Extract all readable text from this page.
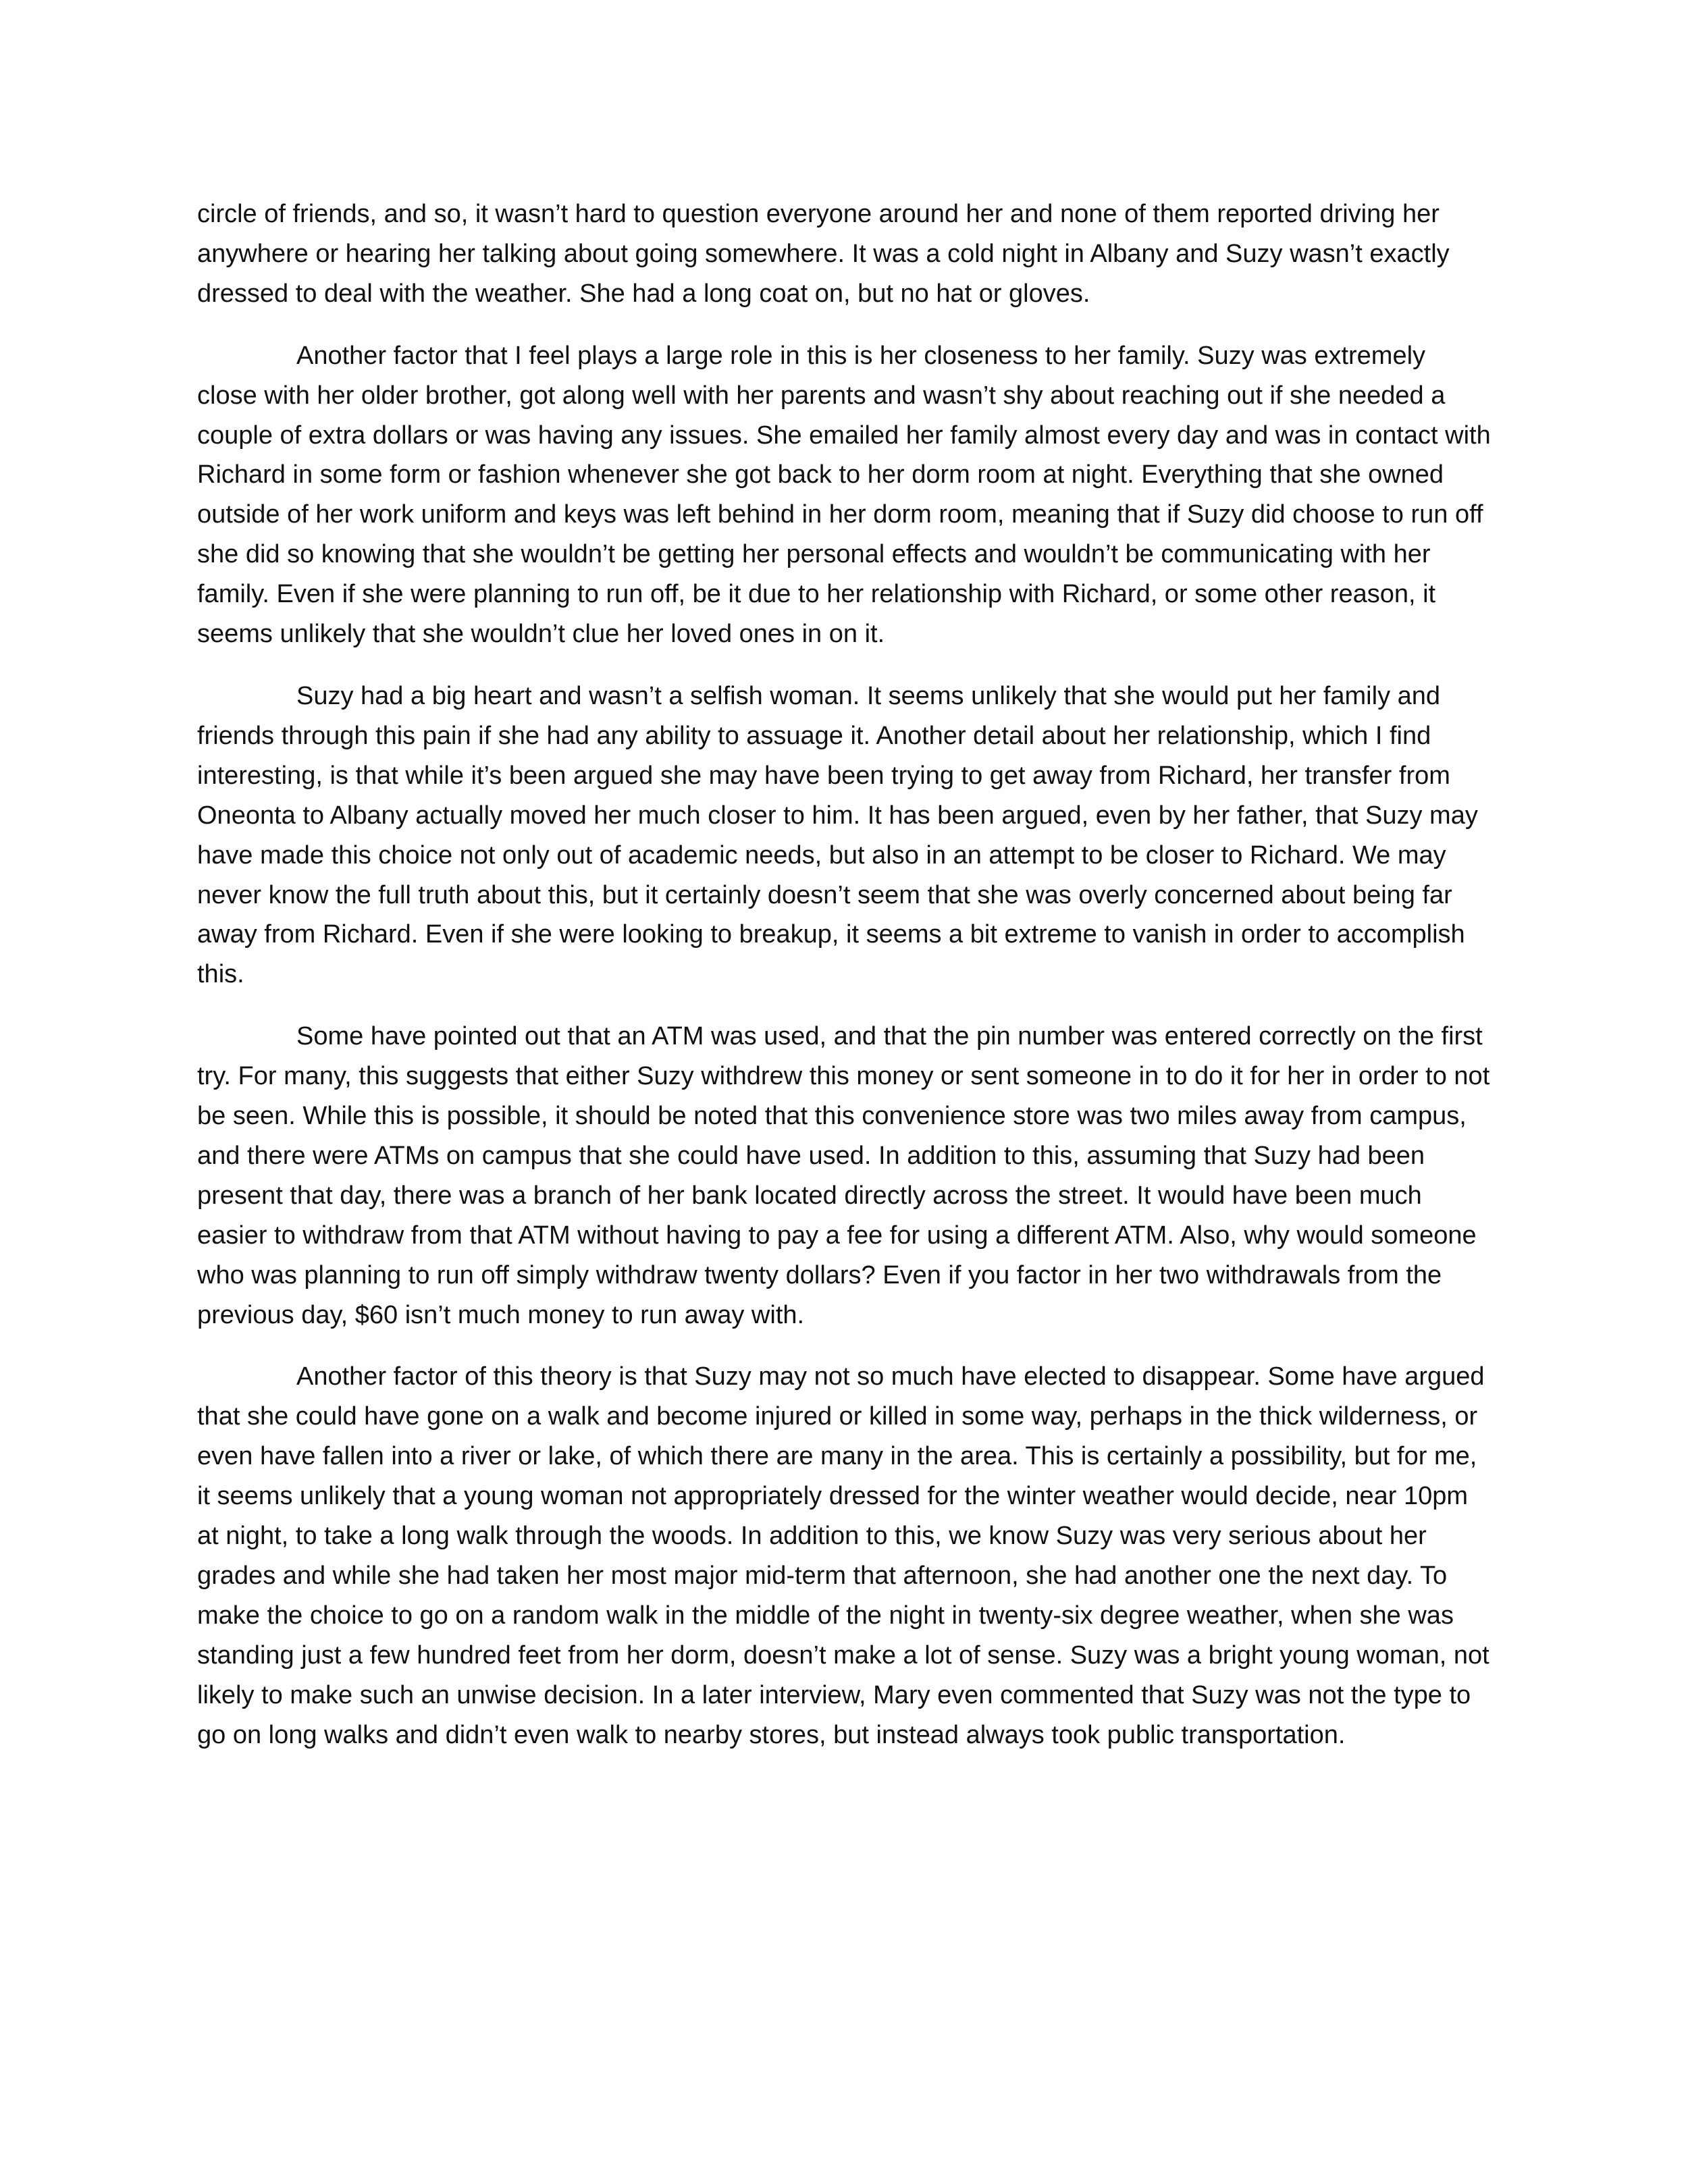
circle of friends, and so, it wasn’t hard to question everyone around her and none of them reported driving her anywhere or hearing her talking about going somewhere. It was a cold night in Albany and Suzy wasn’t exactly dressed to deal with the weather. She had a long coat on, but no hat or gloves.

Another factor that I feel plays a large role in this is her closeness to her family. Suzy was extremely close with her older brother, got along well with her parents and wasn’t shy about reaching out if she needed a couple of extra dollars or was having any issues. She emailed her family almost every day and was in contact with Richard in some form or fashion whenever she got back to her dorm room at night. Everything that she owned outside of her work uniform and keys was left behind in her dorm room, meaning that if Suzy did choose to run off she did so knowing that she wouldn’t be getting her personal effects and wouldn’t be communicating with her family. Even if she were planning to run off, be it due to her relationship with Richard, or some other reason, it seems unlikely that she wouldn’t clue her loved ones in on it.

Suzy had a big heart and wasn’t a selfish woman. It seems unlikely that she would put her family and friends through this pain if she had any ability to assuage it. Another detail about her relationship, which I find interesting, is that while it’s been argued she may have been trying to get away from Richard, her transfer from Oneonta to Albany actually moved her much closer to him. It has been argued, even by her father, that Suzy may have made this choice not only out of academic needs, but also in an attempt to be closer to Richard. We may never know the full truth about this, but it certainly doesn’t seem that she was overly concerned about being far away from Richard. Even if she were looking to breakup, it seems a bit extreme to vanish in order to accomplish this.

Some have pointed out that an ATM was used, and that the pin number was entered correctly on the first try. For many, this suggests that either Suzy withdrew this money or sent someone in to do it for her in order to not be seen. While this is possible, it should be noted that this convenience store was two miles away from campus, and there were ATMs on campus that she could have used. In addition to this, assuming that Suzy had been present that day, there was a branch of her bank located directly across the street. It would have been much easier to withdraw from that ATM without having to pay a fee for using a different ATM. Also, why would someone who was planning to run off simply withdraw twenty dollars? Even if you factor in her two withdrawals from the previous day, $60 isn’t much money to run away with.

Another factor of this theory is that Suzy may not so much have elected to disappear. Some have argued that she could have gone on a walk and become injured or killed in some way, perhaps in the thick wilderness, or even have fallen into a river or lake, of which there are many in the area. This is certainly a possibility, but for me, it seems unlikely that a young woman not appropriately dressed for the winter weather would decide, near 10pm at night, to take a long walk through the woods. In addition to this, we know Suzy was very serious about her grades and while she had taken her most major mid-term that afternoon, she had another one the next day. To make the choice to go on a random walk in the middle of the night in twenty-six degree weather, when she was standing just a few hundred feet from her dorm, doesn’t make a lot of sense. Suzy was a bright young woman, not likely to make such an unwise decision. In a later interview, Mary even commented that Suzy was not the type to go on long walks and didn’t even walk to nearby stores, but instead always took public transportation.
